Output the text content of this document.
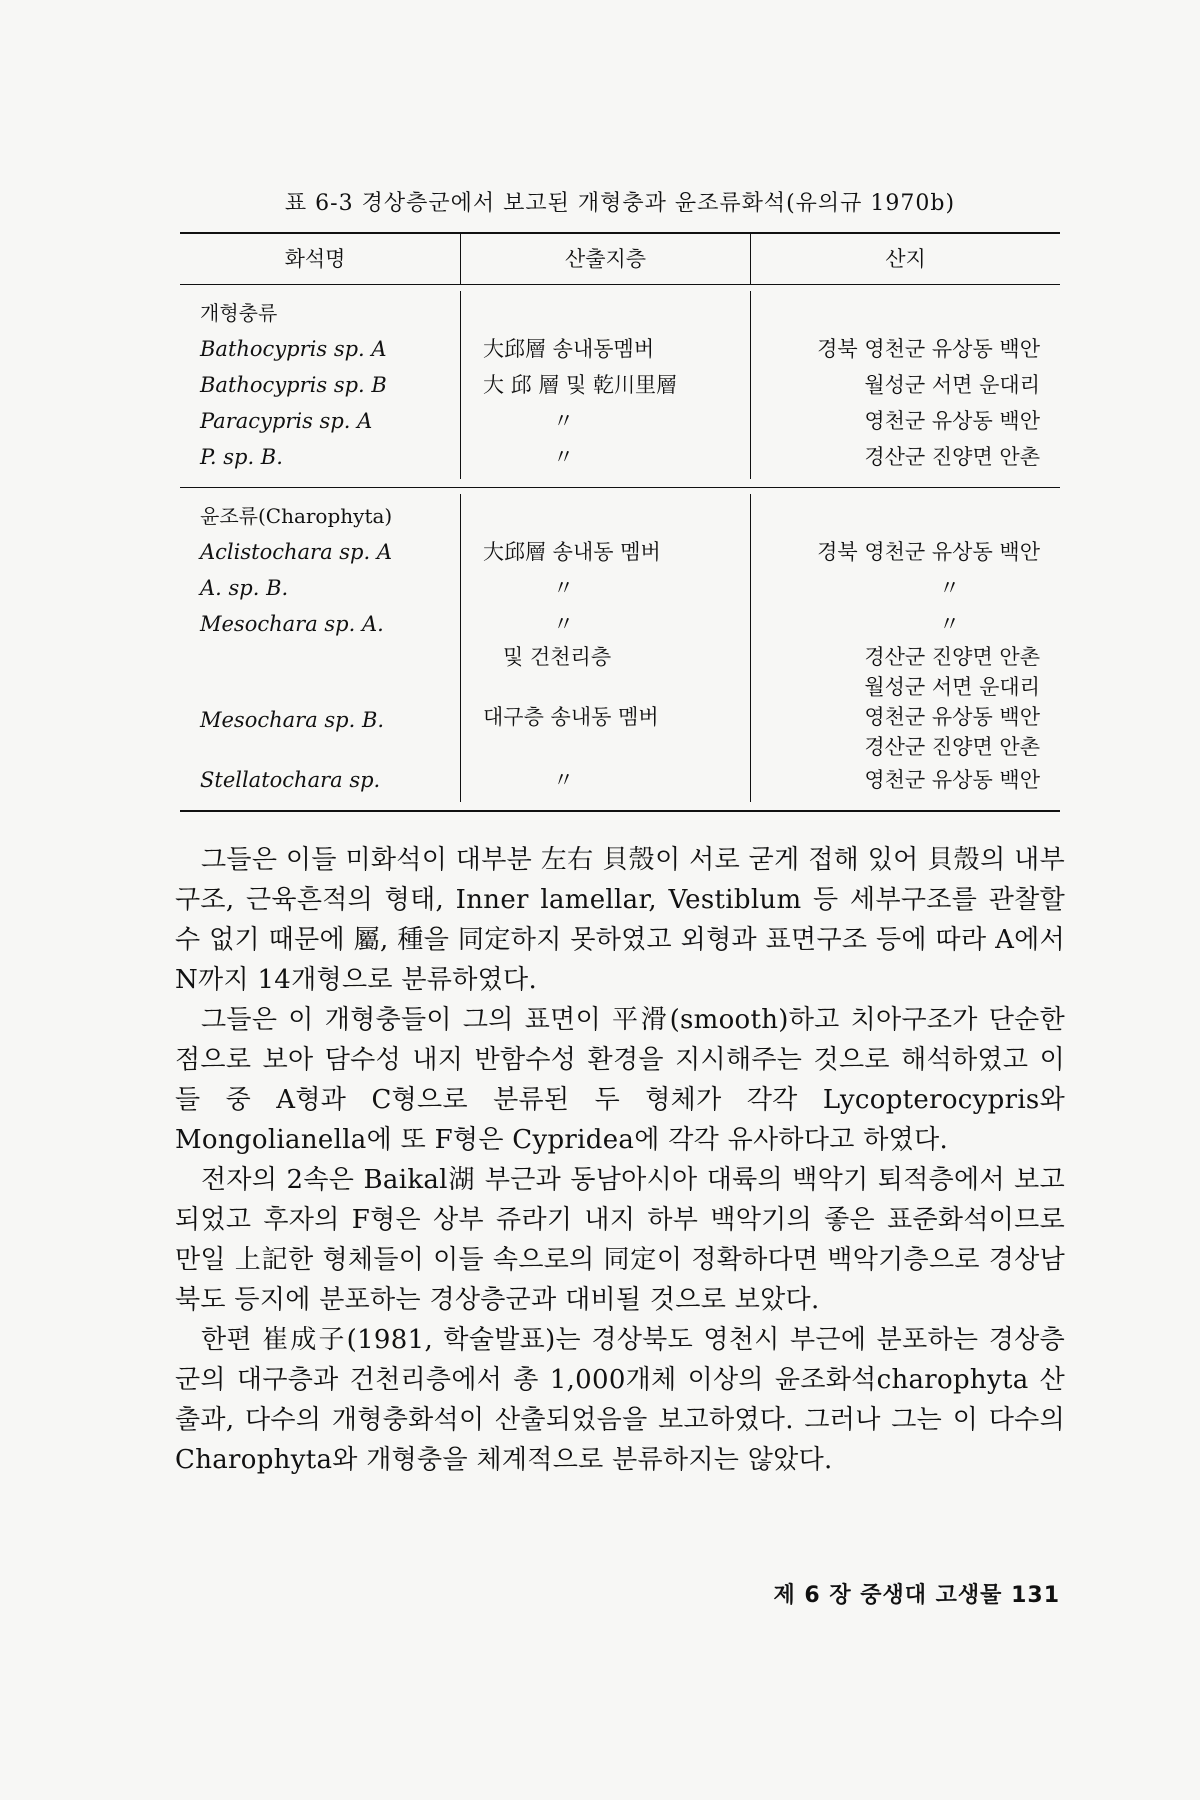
표 6-3 경상층군에서 보고된 개형충과 윤조류화석(유의규 1970b)
화석명	산출지층	산지
개형충류
Bathocypris sp. A
Bathocypris sp. B
Paracypris sp. A
P. sp. B.
大邱層 송내동멤버
大 邱 層 및 乾川里層
〃
〃
경북 영천군 유상동 백안
월성군 서면 운대리
영천군 유상동 백안
경산군 진양면 안촌
윤조류(Charophyta)
Aclistochara sp. A
A. sp. B.
Mesochara sp. A.
Mesochara sp. B.
Stellatochara sp.
大邱層 송내동 멤버
〃
〃
및 건천리층
대구층 송내동 멤버
〃
경북 영천군 유상동 백안
〃
〃
경산군 진양면 안촌
월성군 서면 운대리
영천군 유상동 백안
경산군 진양면 안촌
영천군 유상동 백안

그들은 이들 미화석이 대부분 左右 貝殼이 서로 굳게 접해 있어 貝殼의 내부구조, 근육흔적의 형태, Inner lamellar, Vestiblum 등 세부구조를 관찰할 수 없기 때문에 屬, 種을 同定하지 못하였고 외형과 표면구조 등에 따라 A에서 N까지 14개형으로 분류하였다.

그들은 이 개형충들이 그의 표면이 平滑(smooth)하고 치아구조가 단순한 점으로 보아 담수성 내지 반함수성 환경을 지시해주는 것으로 해석하였고 이들 중 A형과 C형으로 분류된 두 형체가 각각 Lycopterocypris와 Mongolianella에 또 F형은 Cypridea에 각각 유사하다고 하였다.

전자의 2속은 Baikal湖 부근과 동남아시아 대륙의 백악기 퇴적층에서 보고되었고 후자의 F형은 상부 쥬라기 내지 하부 백악기의 좋은 표준화석이므로 만일 上記한 형체들이 이들 속으로의 同定이 정확하다면 백악기층으로 경상남북도 등지에 분포하는 경상층군과 대비될 것으로 보았다.

한편 崔成子(1981, 학술발표)는 경상북도 영천시 부근에 분포하는 경상층군의 대구층과 건천리층에서 총 1,000개체 이상의 윤조화석charophyta 산출과, 다수의 개형충화석이 산출되었음을 보고하였다. 그러나 그는 이 다수의 Charophyta와 개형충을 체계적으로 분류하지는 않았다.

제 6 장 중생대 고생물 131
